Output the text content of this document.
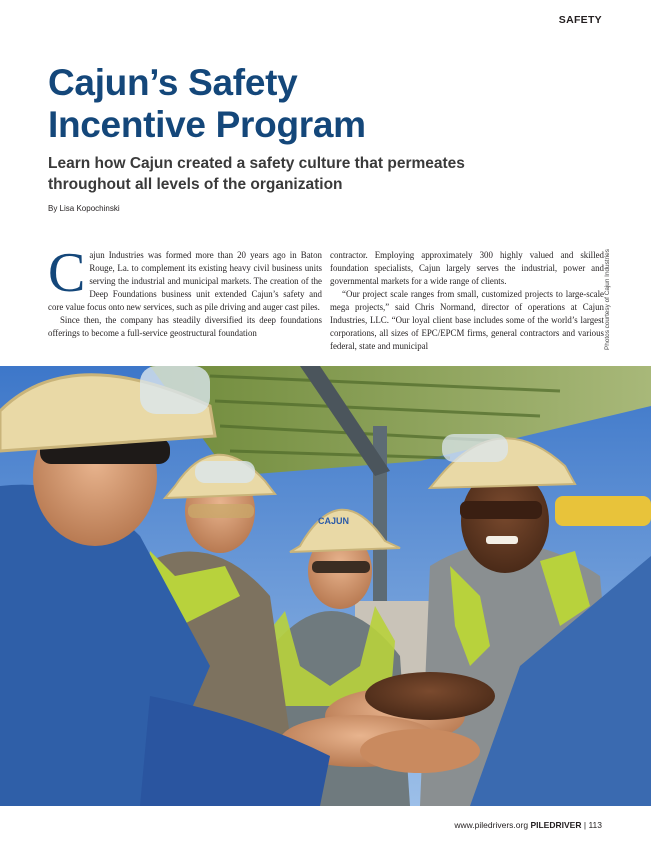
SAFETY
Cajun’s Safety
Incentive Program
Learn how Cajun created a safety culture that permeates
throughout all levels of the organization
By Lisa Kopochinski

Cajun Industries was formed more than 20 years ago in Baton Rouge, La. to complement its existing heavy civil business units serving the industrial and municipal markets. The creation of the Deep Foundations business unit extended Cajun’s safety and core value focus onto new services, such as pile driving and auger cast piles.

Since then, the company has steadily diversified its deep foundations offerings to become a full-service geostructural foundation

contractor. Employing approximately 300 highly valued and skilled foundation specialists, Cajun largely serves the industrial, power and governmental markets for a wide range of clients.

“Our project scale ranges from small, customized projects to large-scale mega projects,” said Chris Normand, director of operations at Cajun Industries, LLC. “Our loyal client base includes some of the world’s largest corporations, all sizes of EPC/EPCM firms, general contractors and various federal, state and municipal	Photos courtesy of Cajun Industries
CAJUN
www.piledrivers.org PILEDRIVER | 113
